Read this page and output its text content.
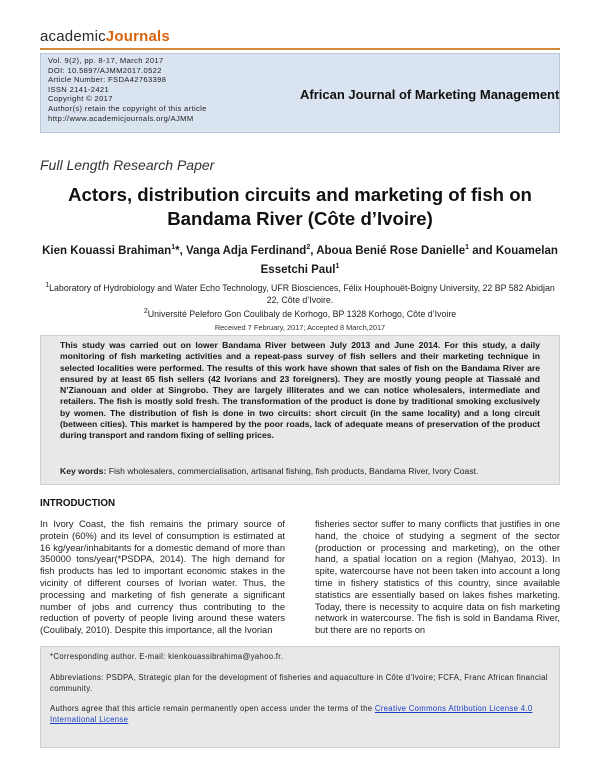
academicJournals
Vol. 9(2), pp. 8-17, March 2017
DOI: 10.5897/AJMM2017.0522
Article Number: FSDA42763398
ISSN 2141-2421
Copyright © 2017
Author(s) retain the copyright of this article
http://www.academicjournals.org/AJMM
African Journal of Marketing Management
Full Length Research Paper
Actors, distribution circuits and marketing of fish on Bandama River (Côte d’Ivoire)
Kien Kouassi Brahiman$^1$*, Vanga Adja Ferdinand$^2$, Aboua Benié Rose Danielle$^1$ and Kouamelan Essetchi Paul$^1$
$^1$Laboratory of Hydrobiology and Water Echo Technology, UFR Biosciences, Félix Houphouët-Boigny University, 22 BP 582 Abidjan 22, Côte d’Ivoire.
$^2$Université Peleforo Gon Coulibaly de Korhogo, BP 1328 Korhogo, Côte d’Ivoire
Received 7 February, 2017; Accepted 8 March,2017
This study was carried out on lower Bandama River between July 2013 and June 2014. For this study, a daily monitoring of fish marketing activities and a repeat-pass survey of fish sellers and their marketing technique in selected localities were performed. The results of this work have shown that sales of fish on the Bandama River are ensured by at least 65 fish sellers (42 Ivorians and 23 foreigners). They are mostly young people at Tiassalé and N’Zianouan and older at Singrobo. They are largely illiterates and we can notice wholesalers, intermediate and retailers. The fish is mostly sold fresh. The transformation of the product is done by traditional smoking exclusively by women. The distribution of fish is done in two circuits: short circuit (in the same locality) and a long circuit (between cities). This market is hampered by the poor roads, lack of adequate means of preservation of the product during transport and random fixing of selling prices.
Key words: Fish wholesalers, commercialisation, artisanal fishing, fish products, Bandama River, Ivory Coast.
INTRODUCTION
In Ivory Coast, the fish remains the primary source of protein (60%) and its level of consumption is estimated at 16 kg/year/inhabitants for a domestic demand of more than 350000 tons/year(*PSDPA, 2014). The high demand for fish products has led to important economic stakes in the vicinity of different courses of Ivorian water. Thus, the processing and marketing of fish generate a significant number of jobs and currency thus contributing to the reduction of poverty of people living around these waters (Coulibaly, 2010). Despite this importance, all the Ivorian
fisheries sector suffer to many conflicts that justifies in one hand, the choice of studying a segment of the sector (production or processing and marketing), on the other hand, a spatial location on a region (Mahyao, 2013). In spite, watercourse have not been taken into account a long time in fishery statistics of this country, since available statistics are essentially based on lakes fishes marketing. Today, there is necessity to acquire data on fish marketing network in watercourse. The fish is sold in Bandama River, but there are no reports on
*Corresponding author. E-mail: kienkouassibrahima@yahoo.fr.
Abbreviations: PSDPA, Strategic plan for the development of fisheries and aquaculture in Côte d’Ivoire; FCFA, Franc African financial community.
Authors agree that this article remain permanently open access under the terms of the Creative Commons Attribution License 4.0 International License
